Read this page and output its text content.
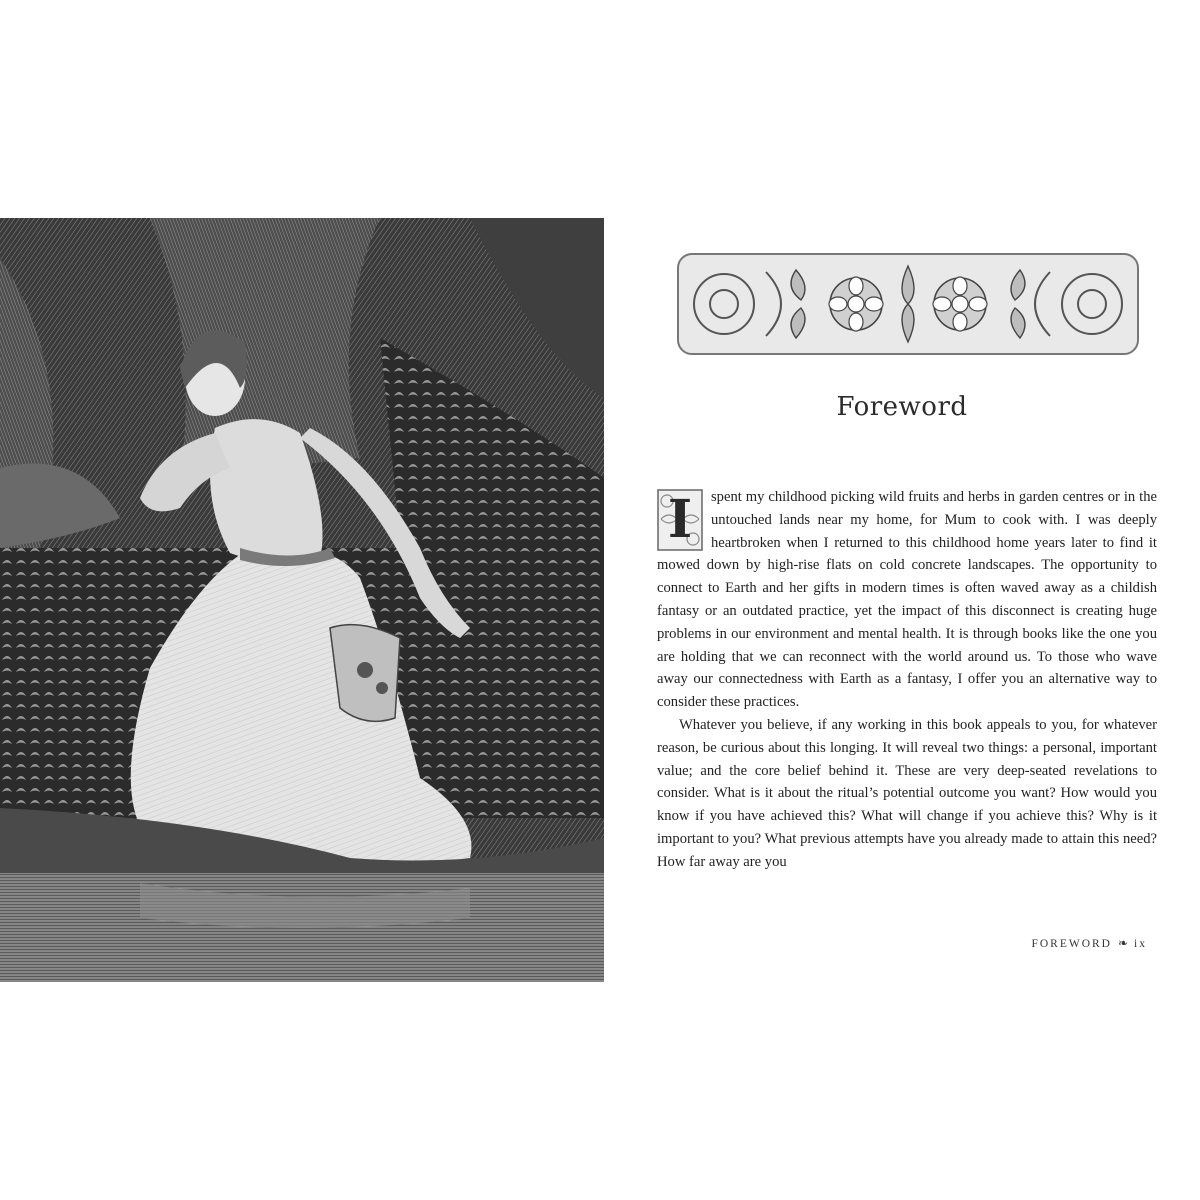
Foreword

I	spent my childhood picking wild fruits and herbs in garden centres or in the untouched lands near my home, for Mum to cook with. I was deeply heartbroken when I returned to this childhood home years later to find it mowed down by high-rise flats on cold concrete landscapes. The opportunity to connect to Earth and her gifts in modern times is often waved away as a childish fantasy or an outdated practice, yet the impact of this disconnect is creating huge problems in our environment and mental health. It is through books like the one you are holding that we can reconnect with the world around us. To those who wave away our connectedness with Earth as a fantasy, I offer you an alternative way to consider these practices.

Whatever you believe, if any working in this book appeals to you, for whatever reason, be curious about this longing. It will reveal two things: a personal, important value; and the core belief behind it. These are very deep-seated revelations to consider. What is it about the ritual’s potential outcome you want? How would you know if you have achieved this? What will change if you achieve this? Why is it important to you? What previous attempts have you already made to attain this need? How far away are you

FOREWORD ❧ ix
